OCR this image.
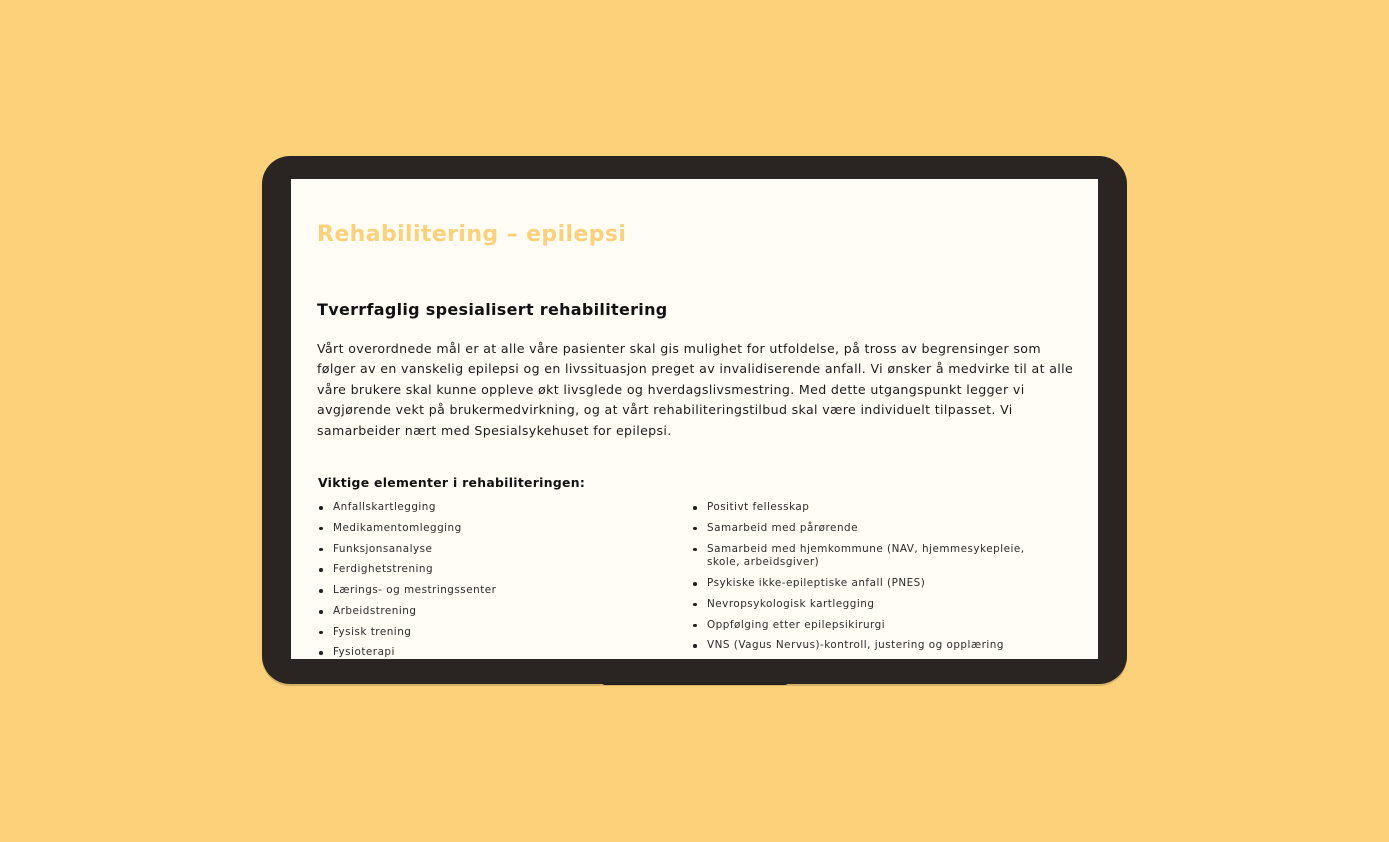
Rehabilitering – epilepsi
Tverrfaglig spesialisert rehabilitering

Vårt overordnede mål er at alle våre pasienter skal gis mulighet for utfoldelse, på tross av begrensinger som følger av en vanskelig epilepsi og en livssituasjon preget av invalidiserende anfall. Vi ønsker å medvirke til at alle våre brukere skal kunne oppleve økt livsglede og hverdagslivsmestring. Med dette utgangspunkt legger vi avgjørende vekt på brukermedvirkning, og at vårt rehabiliteringstilbud skal være individuelt tilpasset. Vi samarbeider nært med Spesialsykehuset for epilepsi.

Viktige elementer i rehabiliteringen:
Anfallskartlegging
Medikamentomlegging
Funksjonsanalyse
Ferdighetstrening
Lærings- og mestringssenter
Arbeidstrening
Fysisk trening
Fysioterapi
Positivt fellesskap
Samarbeid med pårørende
Samarbeid med hjemkommune (NAV, hjemmesykepleie, skole, arbeidsgiver)
Psykiske ikke-epileptiske anfall (PNES)
Nevropsykologisk kartlegging
Oppfølging etter epilepsikirurgi
VNS (Vagus Nervus)-kontroll, justering og opplæring
